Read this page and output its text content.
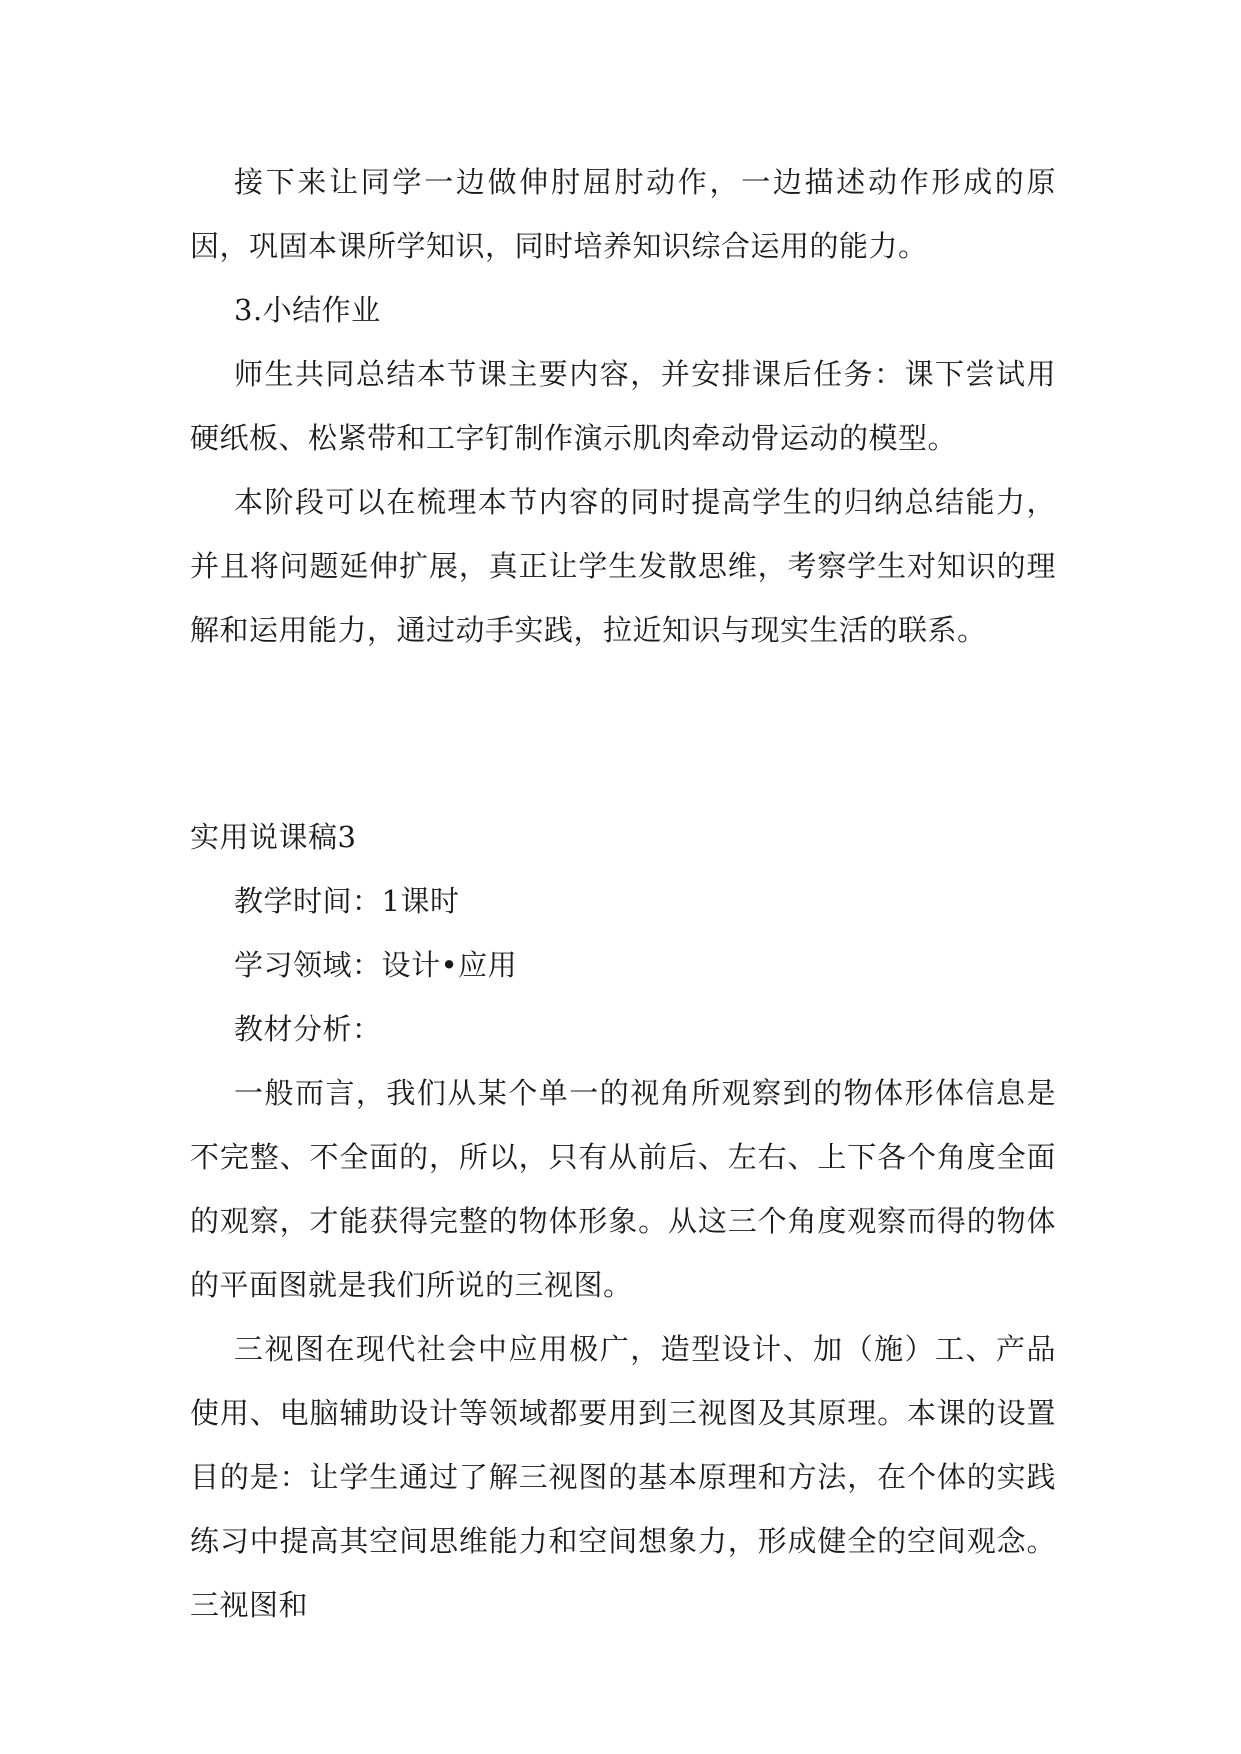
接下来让同学一边做伸肘屈肘动作，一边描述动作形成的原因，巩固本课所学知识，同时培养知识综合运用的能力。
3.小结作业
师生共同总结本节课主要内容，并安排课后任务：课下尝试用硬纸板、松紧带和工字钉制作演示肌肉牵动骨运动的模型。
本阶段可以在梳理本节内容的同时提高学生的归纳总结能力，并且将问题延伸扩展，真正让学生发散思维，考察学生对知识的理解和运用能力，通过动手实践，拉近知识与现实生活的联系。
实用说课稿3
教学时间：1课时
学习领域：设计•应用
教材分析：
一般而言，我们从某个单一的视角所观察到的物体形体信息是不完整、不全面的，所以，只有从前后、左右、上下各个角度全面的观察，才能获得完整的物体形象。从这三个角度观察而得的物体的平面图就是我们所说的三视图。
三视图在现代社会中应用极广，造型设计、加（施）工、产品使用、电脑辅助设计等领域都要用到三视图及其原理。本课的设置目的是：让学生通过了解三视图的基本原理和方法，在个体的实践练习中提高其空间思维能力和空间想象力，形成健全的空间观念。三视图和
